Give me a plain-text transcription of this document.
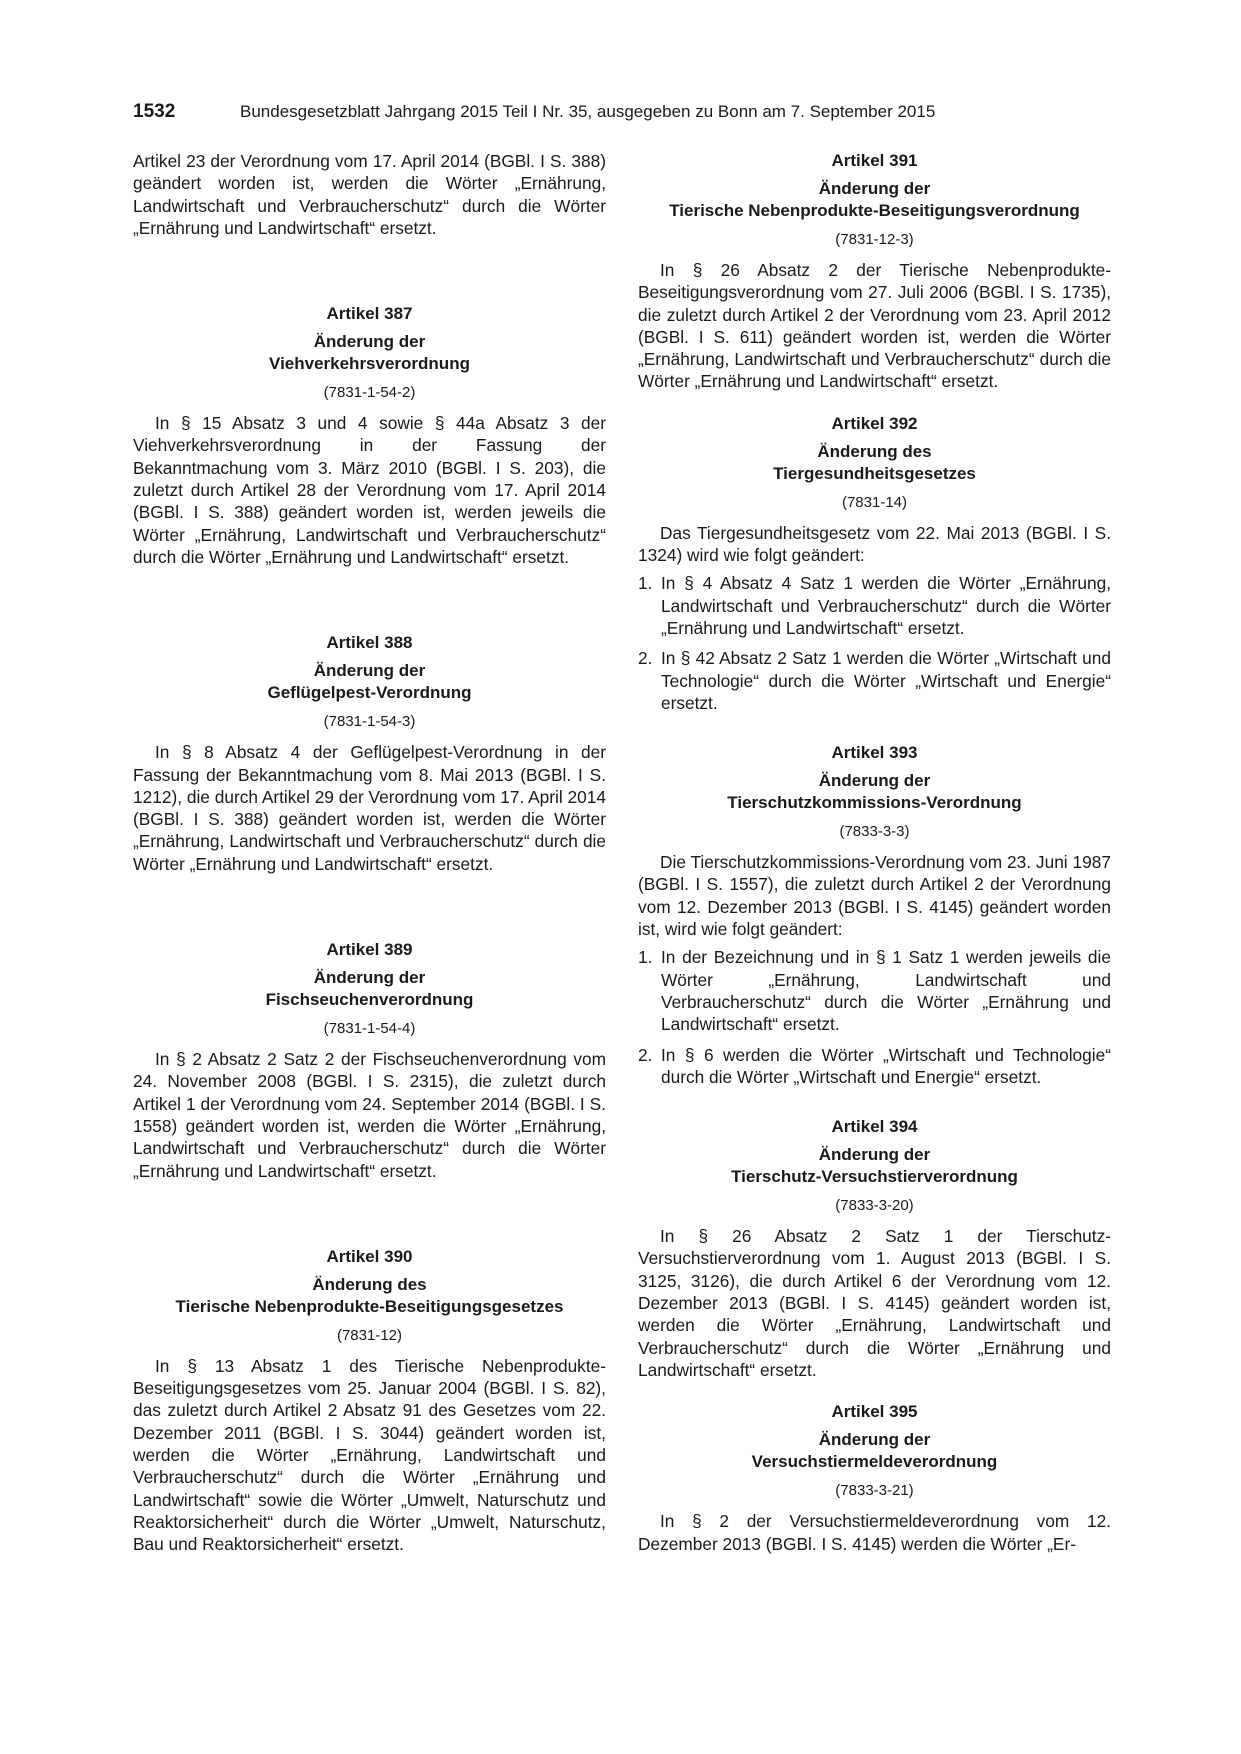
1532	Bundesgesetzblatt Jahrgang 2015 Teil I Nr. 35, ausgegeben zu Bonn am 7. September 2015

Artikel 23 der Verordnung vom 17. April 2014 (BGBl. I S. 388) geändert worden ist, werden die Wörter „Ernährung, Landwirtschaft und Verbraucherschutz“ durch die Wörter „Ernährung und Landwirtschaft“ ersetzt.

Artikel 387

Änderung der
Viehverkehrsverordnung

(7831-1-54-2)

In § 15 Absatz 3 und 4 sowie § 44a Absatz 3 der Viehverkehrsverordnung in der Fassung der Bekanntmachung vom 3. März 2010 (BGBl. I S. 203), die zuletzt durch Artikel 28 der Verordnung vom 17. April 2014 (BGBl. I S. 388) geändert worden ist, werden jeweils die Wörter „Ernährung, Landwirtschaft und Verbraucherschutz“ durch die Wörter „Ernährung und Landwirtschaft“ ersetzt.

Artikel 388

Änderung der
Geflügelpest-Verordnung

(7831-1-54-3)

In § 8 Absatz 4 der Geflügelpest-Verordnung in der Fassung der Bekanntmachung vom 8. Mai 2013 (BGBl. I S. 1212), die durch Artikel 29 der Verordnung vom 17. April 2014 (BGBl. I S. 388) geändert worden ist, werden die Wörter „Ernährung, Landwirtschaft und Verbraucherschutz“ durch die Wörter „Ernährung und Landwirtschaft“ ersetzt.

Artikel 389

Änderung der
Fischseuchenverordnung

(7831-1-54-4)

In § 2 Absatz 2 Satz 2 der Fischseuchenverordnung vom 24. November 2008 (BGBl. I S. 2315), die zuletzt durch Artikel 1 der Verordnung vom 24. September 2014 (BGBl. I S. 1558) geändert worden ist, werden die Wörter „Ernährung, Landwirtschaft und Verbraucherschutz“ durch die Wörter „Ernährung und Landwirtschaft“ ersetzt.

Artikel 390

Änderung des
Tierische Nebenprodukte-Beseitigungsgesetzes

(7831-12)

In § 13 Absatz 1 des Tierische Nebenprodukte-Beseitigungsgesetzes vom 25. Januar 2004 (BGBl. I S. 82), das zuletzt durch Artikel 2 Absatz 91 des Gesetzes vom 22. Dezember 2011 (BGBl. I S. 3044) geändert worden ist, werden die Wörter „Ernährung, Landwirtschaft und Verbraucherschutz“ durch die Wörter „Ernährung und Landwirtschaft“ sowie die Wörter „Umwelt, Naturschutz und Reaktorsicherheit“ durch die Wörter „Umwelt, Naturschutz, Bau und Reaktorsicherheit“ ersetzt.

Artikel 391

Änderung der
Tierische Nebenprodukte-Beseitigungsverordnung

(7831-12-3)

In § 26 Absatz 2 der Tierische Nebenprodukte-Beseitigungsverordnung vom 27. Juli 2006 (BGBl. I S. 1735), die zuletzt durch Artikel 2 der Verordnung vom 23. April 2012 (BGBl. I S. 611) geändert worden ist, werden die Wörter „Ernährung, Landwirtschaft und Verbraucherschutz“ durch die Wörter „Ernährung und Landwirtschaft“ ersetzt.

Artikel 392

Änderung des
Tiergesundheitsgesetzes

(7831-14)

Das Tiergesundheitsgesetz vom 22. Mai 2013 (BGBl. I S. 1324) wird wie folgt geändert:

1. In § 4 Absatz 4 Satz 1 werden die Wörter „Ernährung, Landwirtschaft und Verbraucherschutz“ durch die Wörter „Ernährung und Landwirtschaft“ ersetzt.
2. In § 42 Absatz 2 Satz 1 werden die Wörter „Wirtschaft und Technologie“ durch die Wörter „Wirtschaft und Energie“ ersetzt.

Artikel 393

Änderung der
Tierschutzkommissions-Verordnung

(7833-3-3)

Die Tierschutzkommissions-Verordnung vom 23. Juni 1987 (BGBl. I S. 1557), die zuletzt durch Artikel 2 der Verordnung vom 12. Dezember 2013 (BGBl. I S. 4145) geändert worden ist, wird wie folgt geändert:

1. In der Bezeichnung und in § 1 Satz 1 werden jeweils die Wörter „Ernährung, Landwirtschaft und Verbraucherschutz“ durch die Wörter „Ernährung und Landwirtschaft“ ersetzt.
2. In § 6 werden die Wörter „Wirtschaft und Technologie“ durch die Wörter „Wirtschaft und Energie“ ersetzt.

Artikel 394

Änderung der
Tierschutz-Versuchstierverordnung

(7833-3-20)

In § 26 Absatz 2 Satz 1 der Tierschutz-Versuchstierverordnung vom 1. August 2013 (BGBl. I S. 3125, 3126), die durch Artikel 6 der Verordnung vom 12. Dezember 2013 (BGBl. I S. 4145) geändert worden ist, werden die Wörter „Ernährung, Landwirtschaft und Verbraucherschutz“ durch die Wörter „Ernährung und Landwirtschaft“ ersetzt.

Artikel 395

Änderung der
Versuchstiermeldeverordnung

(7833-3-21)

In § 2 der Versuchstiermeldeverordnung vom 12. Dezember 2013 (BGBl. I S. 4145) werden die Wörter „Er-
